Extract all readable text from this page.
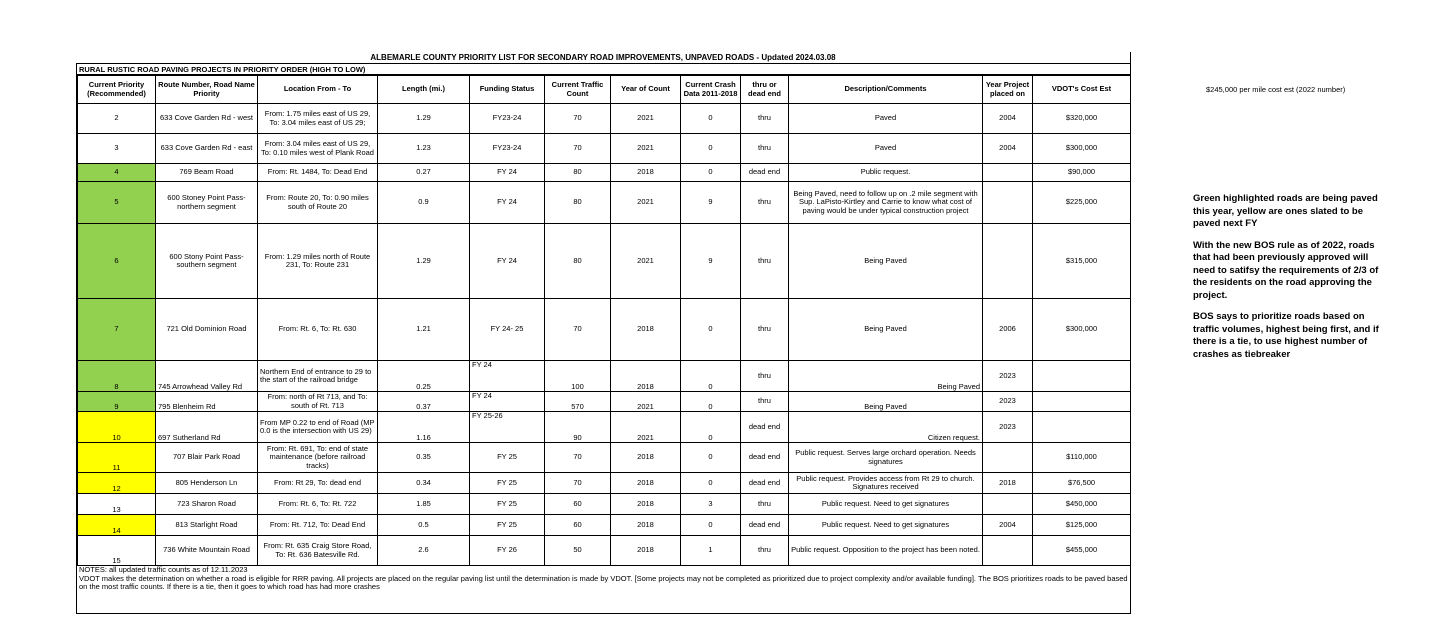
ALBEMARLE COUNTY PRIORITY LIST FOR SECONDARY ROAD IMPROVEMENTS, UNPAVED ROADS - Updated 2024.03.08
RURAL RUSTIC ROAD PAVING PROJECTS IN PRIORITY ORDER (HIGH TO LOW)
Current Priority (Recommended)	Route Number, Road Name Priority	Location From - To	Length (mi.)	Funding Status	Current Traffic Count	Year of Count	Current Crash Data 2011-2018	thru or dead end	Description/Comments	Year Project placed on	VDOT's Cost Est
2	633 Cove Garden Rd - west	From: 1.75 miles east of US 29, To: 3.04 miles east of US 29;	1.29	FY23-24	70	2021	0	thru	Paved	2004	$320,000
3	633 Cove Garden Rd - east	From: 3.04 miles east of US 29, To: 0.10 miles west of Plank Road	1.23	FY23-24	70	2021	0	thru	Paved	2004	$300,000
4	769 Beam Road	From: Rt. 1484, To: Dead End	0.27	FY 24	80	2018	0	dead end	Public request.		$90,000
5	600 Stoney Point Pass- northern segment	From: Route 20, To: 0.90 miles south of Route 20	0.9	FY 24	80	2021	9	thru	Being Paved, need to follow up on .2 mile segment with Sup. LaPisto-Kirtley and Carrie to know what cost of paving would be under typical construction project		$225,000
6	600 Stony Point Pass- southern segment	From: 1.29 miles north of Route 231, To: Route 231	1.29	FY 24	80	2021	9	thru	Being Paved		$315,000
7	721 Old Dominion Road	From: Rt. 6, To: Rt. 630	1.21	FY 24- 25	70	2018	0	thru	Being Paved	2006	$300,000
8	745 Arrowhead Valley Rd	Northern End of entrance to 29 to the start of the railroad bridge	0.25	FY 24	100	2018	0	thru	Being Paved	2023	
9	795 Blenheim Rd	From: north of Rt 713, and To: south of Rt. 713	0.37	FY 24	570	2021	0	thru	Being Paved	2023	
10	697 Sutherland Rd	From MP 0.22 to end of Road (MP 0.0 is the intersection with US 29)	1.16	FY 25-26	90	2021	0	dead end	Citizen request.	2023	
11	707 Blair Park Road	From: Rt. 691, To: end of state maintenance (before railroad tracks)	0.35	FY 25	70	2018	0	dead end	Public request. Serves large orchard operation. Needs signatures		$110,000
12	805 Henderson Ln	From: Rt 29, To: dead end	0.34	FY 25	70	2018	0	dead end	Public request. Provides access from Rt 29 to church. Signatures received	2018	$76,500
13	723 Sharon Road	From: Rt. 6, To: Rt. 722	1.85	FY 25	60	2018	3	thru	Public request. Need to get signatures		$450,000
14	813 Starlight Road	From: Rt. 712, To: Dead End	0.5	FY 25	60	2018	0	dead end	Public request. Need to get signatures	2004	$125,000
15	736 White Mountain Road	From: Rt. 635 Craig Store Road, To: Rt. 636 Batesville Rd.	2.6	FY 26	50	2018	1	thru	Public request. Opposition to the project has been noted.		$455,000
NOTES: all updated traffic counts as of 12.11.2023
VDOT makes the determination on whether a road is eligible for RRR paving. All projects are placed on the regular paving list until the determination is made by VDOT. [Some projects may not be completed as prioritized due to project complexity and/or available funding]. The BOS prioritizes roads to be paved based on the most traffic counts. If there is a tie, then it goes to which road has had more crashes
$245,000 per mile cost est (2022 number)

Green highlighted roads are being paved this year, yellow are ones slated to be paved next FY

With the new BOS rule as of 2022, roads that had been previously approved will need to satifsy the requirements of 2/3 of the residents on the road approving the project.

BOS says to prioritize roads based on traffic volumes, highest being first, and if there is a tie, to use highest number of crashes as tiebreaker
